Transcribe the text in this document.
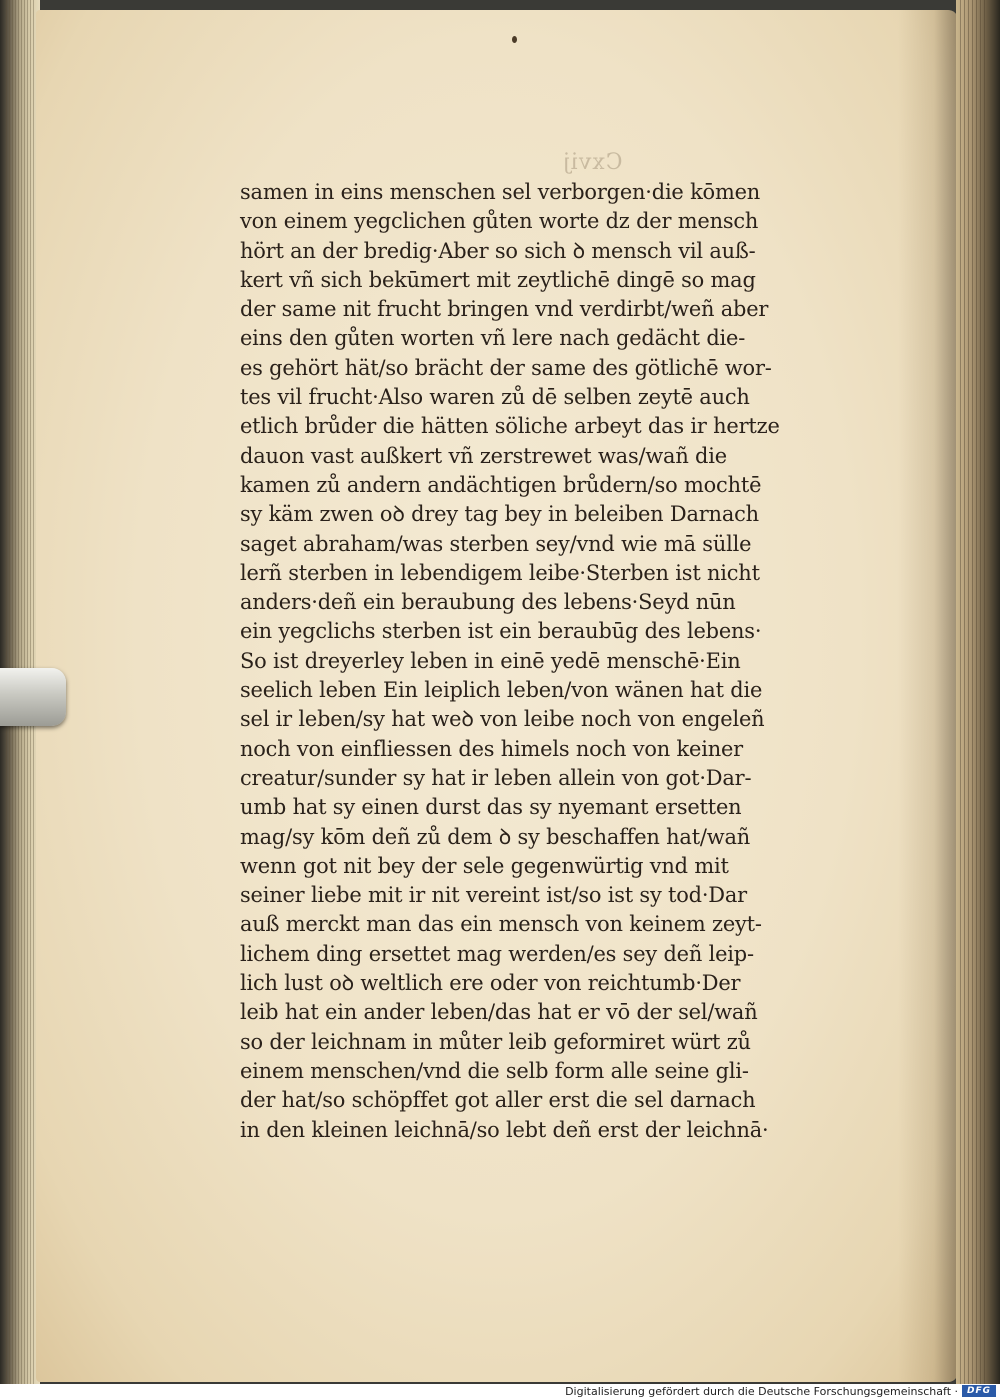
Cxvij
samen in eins menschen sel verborgen·die kōmen
von einem yegclichen gůten worte dz der mensch
hört an der bredig·Aber so sich ꝺ mensch vil auß-
kert vñ sich bekūmert mit zeytlichē dingē so mag
der same nit frucht bringen vnd verdirbt/weñ aber
eins den gůten worten vñ lere nach gedächt die-
es gehört hät/so brächt der same des götlichē wor-
tes vil frucht·Also waren zů dē selben zeytē auch
etlich brůder die hätten söliche arbeyt das ir hertze
dauon vast außkert vñ zerstrewet was/wañ die
kamen zů andern andächtigen brůdern/so mochtē
sy käm zwen oꝺ drey tag bey in beleiben Darnach
saget abraham/was sterben sey/vnd wie mā sülle
lerñ sterben in lebendigem leibe·Sterben ist nicht
anders·deñ ein beraubung des lebens·Seyd nūn
ein yegclichs sterben ist ein beraubūg des lebens·
So ist dreyerley leben in einē yedē menschē·Ein
seelich leben Ein leiplich leben/von wänen hat die
sel ir leben/sy hat weꝺ von leibe noch von engeleñ
noch von einfliessen des himels noch von keiner
creatur/sunder sy hat ir leben allein von got·Dar-
umb hat sy einen durst das sy nyemant ersetten
mag/sy kōm deñ zů dem ꝺ sy beschaffen hat/wañ
wenn got nit bey der sele gegenwürtig vnd mit
seiner liebe mit ir nit vereint ist/so ist sy tod·Dar
auß merckt man das ein mensch von keinem zeyt-
lichem ding ersettet mag werden/es sey deñ leip-
lich lust oꝺ weltlich ere oder von reichtumb·Der
leib hat ein ander leben/das hat er vō der sel/wañ
so der leichnam in můter leib geformiret würt zů
einem menschen/vnd die selb form alle seine gli-
der hat/so schöpffet got aller erst die sel darnach
in den kleinen leichnā/so lebt deñ erst der leichnā·
Digitalisierung gefördert durch die Deutsche Forschungsgemeinschaft · DFG
